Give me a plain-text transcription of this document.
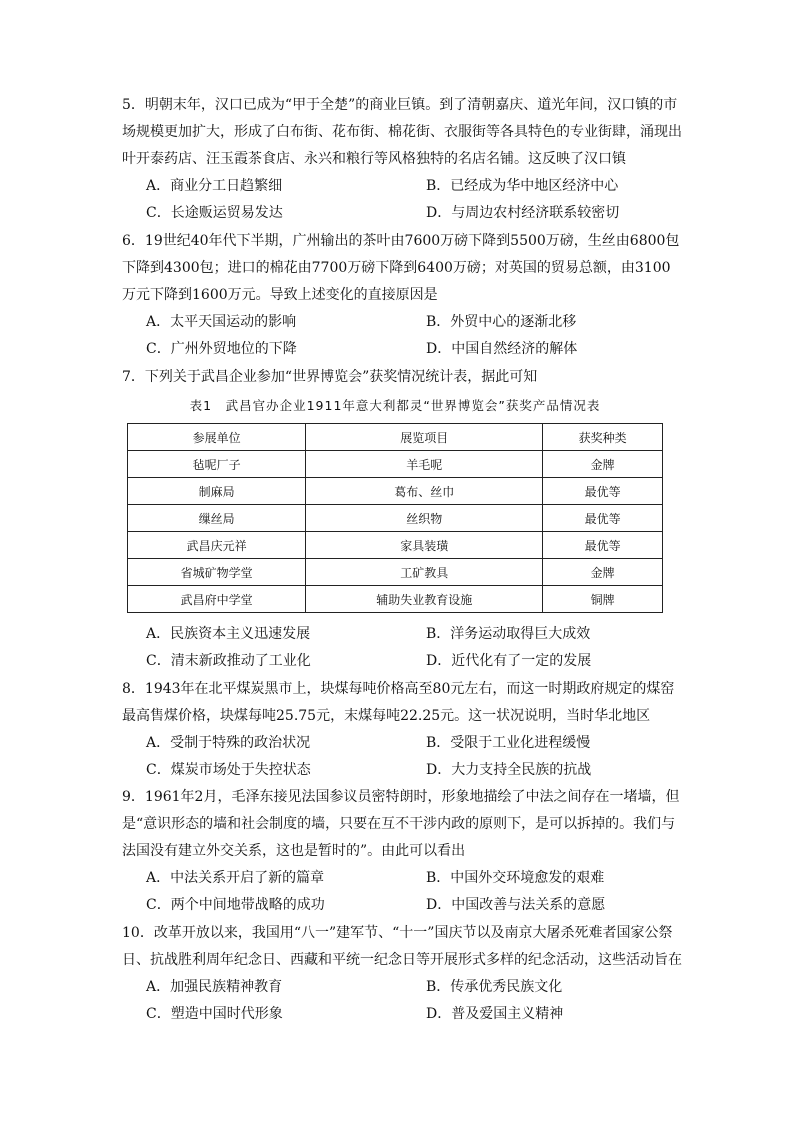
5．明朝末年，汉口已成为“甲于全楚”的商业巨镇。到了清朝嘉庆、道光年间，汉口镇的市场规模更加扩大，形成了白布街、花布街、棉花街、衣服街等各具特色的专业街肆，涌现出叶开泰药店、汪玉霞茶食店、永兴和粮行等风格独特的名店名铺。这反映了汉口镇

A．商业分工日趋繁细	B．已经成为华中地区经济中心
C．长途贩运贸易发达	D．与周边农村经济联系较密切

6．19世纪40年代下半期，广州输出的茶叶由7600万磅下降到5500万磅，生丝由6800包下降到4300包；进口的棉花由7700万磅下降到6400万磅；对英国的贸易总额，由3100万元下降到1600万元。导致上述变化的直接原因是

A．太平天国运动的影响	B．外贸中心的逐渐北移
C．广州外贸地位的下降	D．中国自然经济的解体

7．下列关于武昌企业参加“世界博览会”获奖情况统计表，据此可知

表1　武昌官办企业1911年意大利都灵“世界博览会”获奖产品情况表
参展单位	展览项目	获奖种类
毡呢厂子	羊毛呢	金牌
制麻局	葛布、丝巾	最优等
缫丝局	丝织物	最优等
武昌庆元祥	家具装璜	最优等
省城矿物学堂	工矿教具	金牌
武昌府中学堂	辅助失业教育设施	铜牌
A．民族资本主义迅速发展	B．洋务运动取得巨大成效
C．清末新政推动了工业化	D．近代化有了一定的发展

8．1943年在北平煤炭黑市上，块煤每吨价格高至80元左右，而这一时期政府规定的煤窑最高售煤价格，块煤每吨25.75元，末煤每吨22.25元。这一状况说明，当时华北地区

A．受制于特殊的政治状况	B．受限于工业化进程缓慢
C．煤炭市场处于失控状态	D．大力支持全民族的抗战

9．1961年2月，毛泽东接见法国参议员密特朗时，形象地描绘了中法之间存在一堵墙，但是“意识形态的墙和社会制度的墙，只要在互不干涉内政的原则下，是可以拆掉的。我们与法国没有建立外交关系，这也是暂时的”。由此可以看出

A．中法关系开启了新的篇章	B．中国外交环境愈发的艰难
C．两个中间地带战略的成功	D．中国改善与法关系的意愿

10．改革开放以来，我国用“八一”建军节、“十一”国庆节以及南京大屠杀死难者国家公祭日、抗战胜利周年纪念日、西藏和平统一纪念日等开展形式多样的纪念活动，这些活动旨在

A．加强民族精神教育	B．传承优秀民族文化
C．塑造中国时代形象	D．普及爱国主义精神
